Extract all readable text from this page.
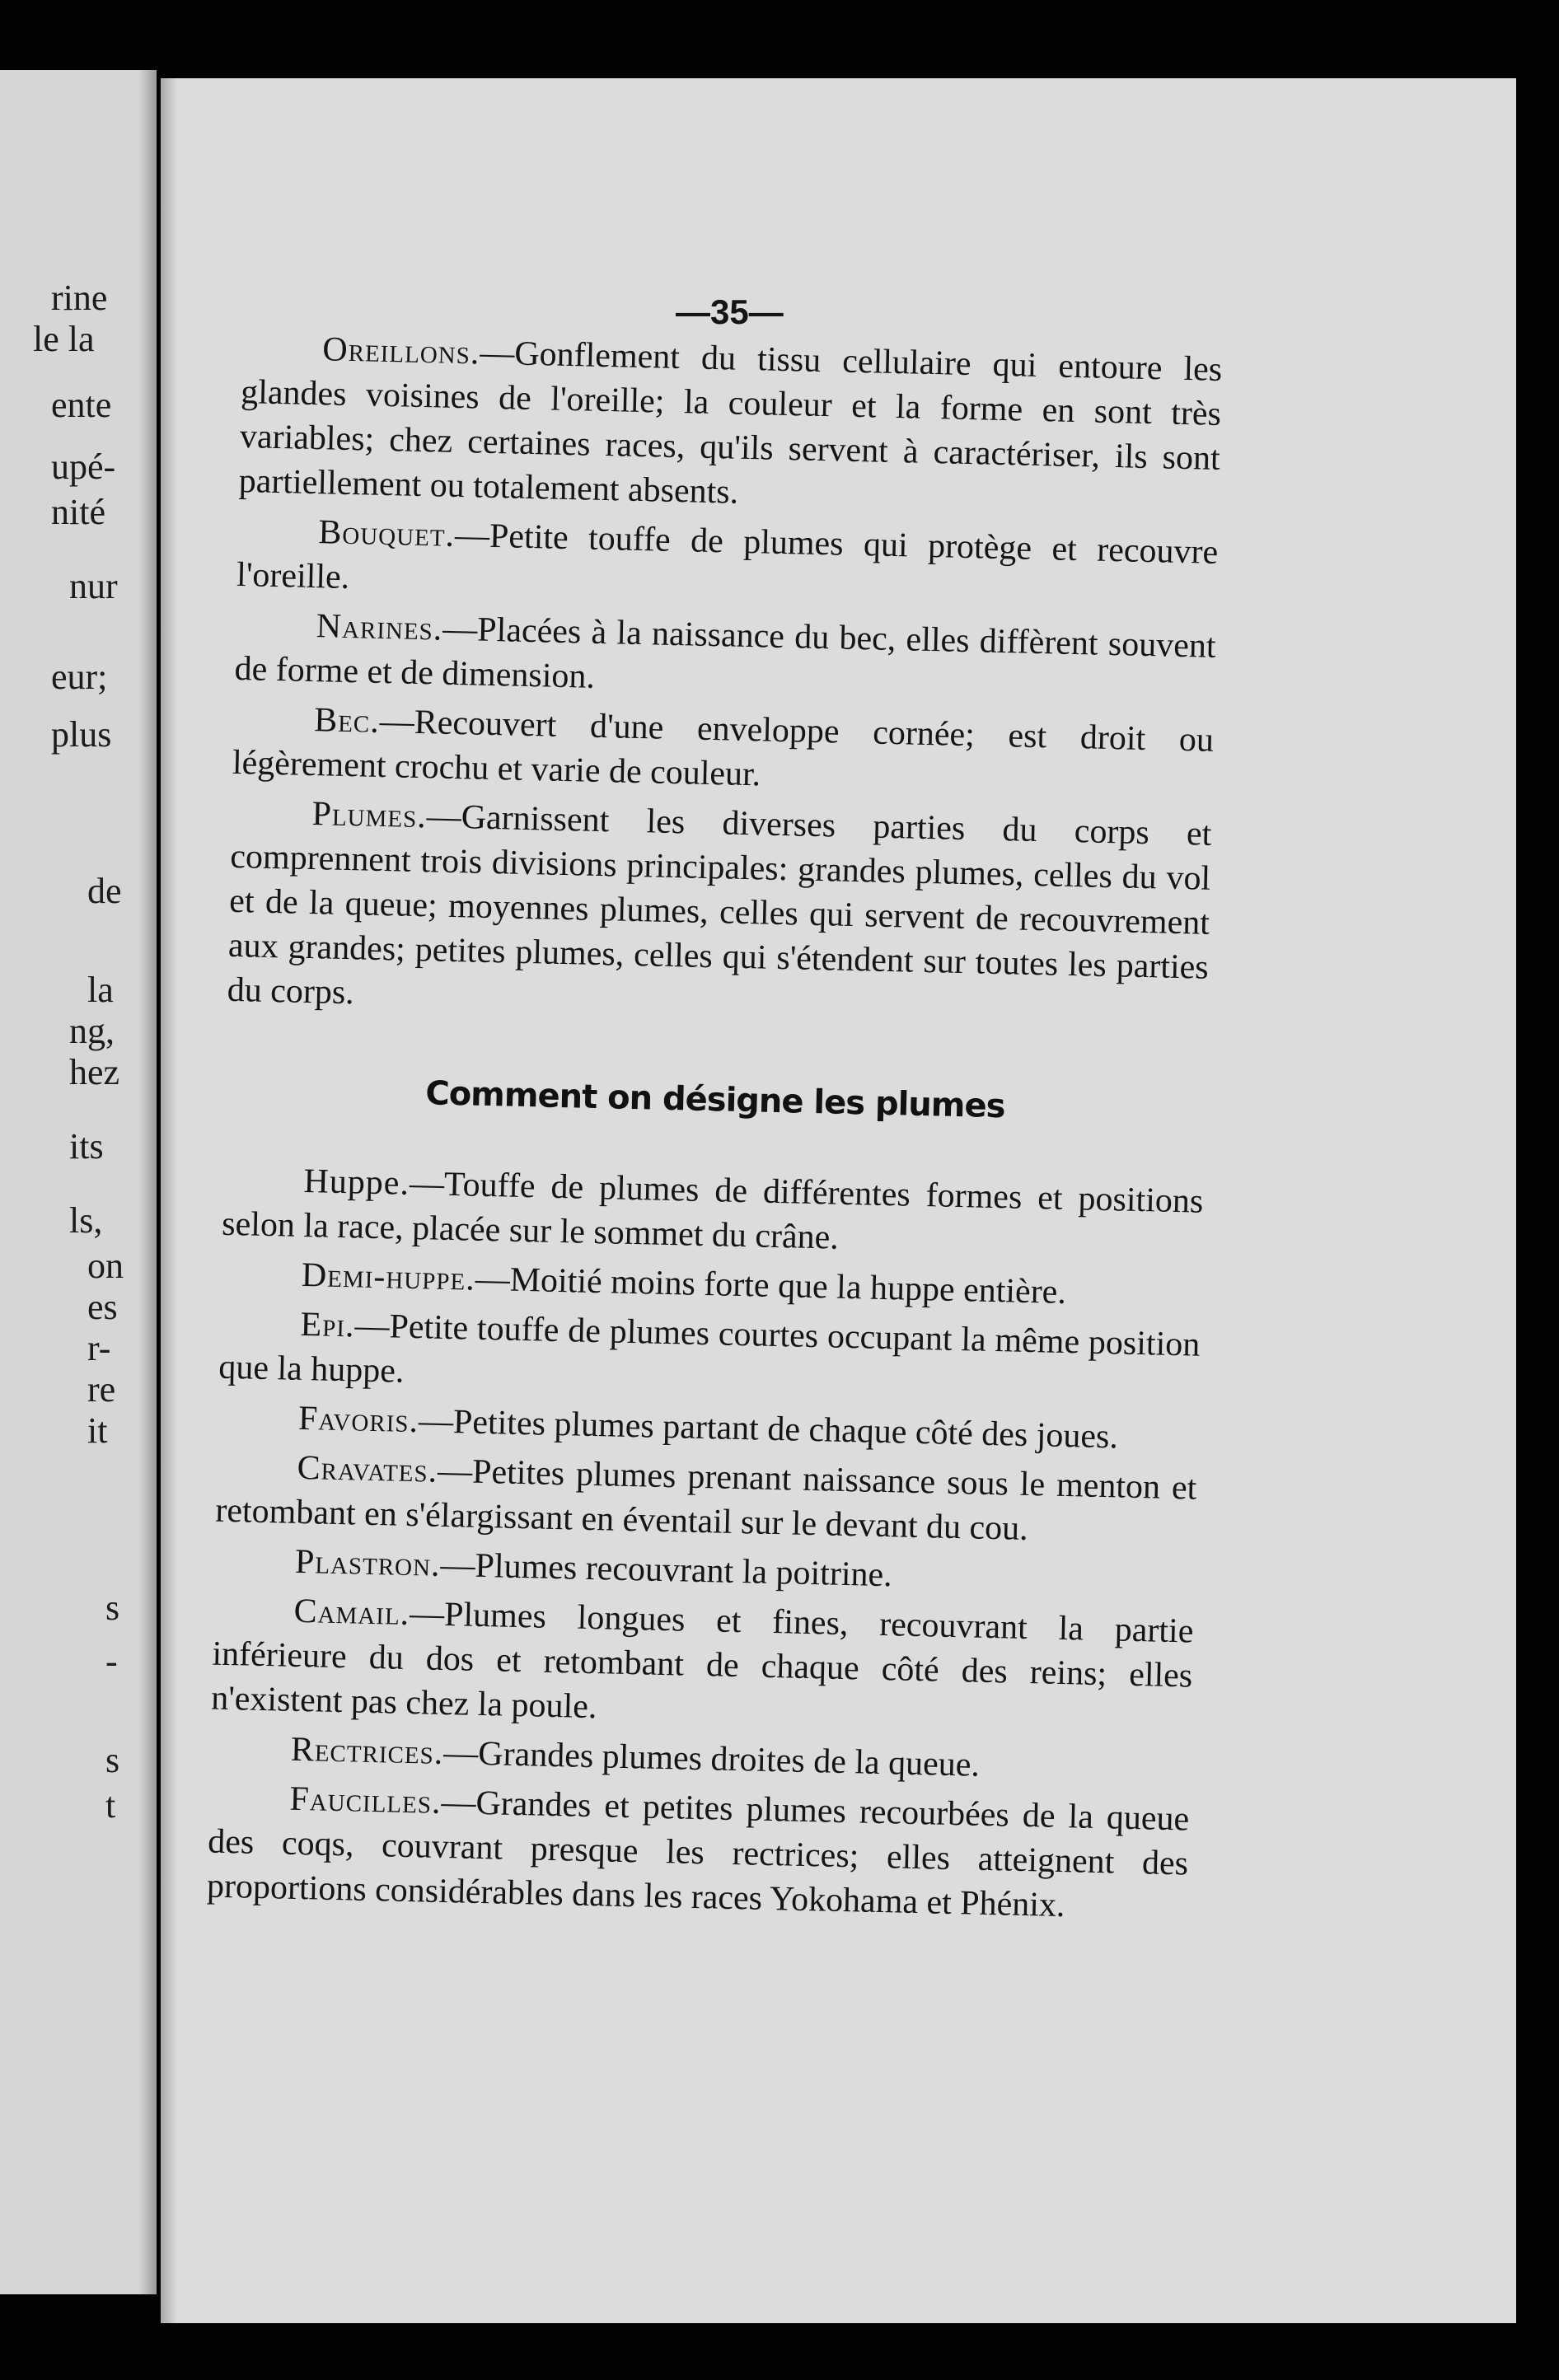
rine
le la
ente
upé-
nité
nur
eur;
plus
de
la
ng,
hez
its
ls,
on
es
r-
re
it
s
-
s
t
—35—

Oreillons.—Gonflement du tissu cellulaire qui entoure les glandes voisines de l'oreille; la couleur et la forme en sont très variables; chez certaines races, qu'ils servent à caractériser, ils sont partiellement ou totalement absents.

Bouquet.—Petite touffe de plumes qui protège et recouvre l'oreille.

Narines.—Placées à la naissance du bec, elles diffèrent souvent de forme et de dimension.

Bec.—Recouvert d'une enveloppe cornée; est droit ou légèrement crochu et varie de couleur.

Plumes.—Garnissent les diverses parties du corps et comprennent trois divisions principales: grandes plumes, celles du vol et de la queue; moyennes plumes, celles qui servent de recouvrement aux grandes; petites plumes, celles qui s'étendent sur toutes les parties du corps.

Comment on désigne les plumes

Huppe.—Touffe de plumes de différentes formes et positions selon la race, placée sur le sommet du crâne.

Demi-huppe.—Moitié moins forte que la huppe entière.

Epi.—Petite touffe de plumes courtes occupant la même position que la huppe.

Favoris.—Petites plumes partant de chaque côté des joues.

Cravates.—Petites plumes prenant naissance sous le menton et retombant en s'élargissant en éventail sur le devant du cou.

Plastron.—Plumes recouvrant la poitrine.

Camail.—Plumes longues et fines, recouvrant la partie inférieure du dos et retombant de chaque côté des reins; elles n'existent pas chez la poule.

Rectrices.—Grandes plumes droites de la queue.

Faucilles.—Grandes et petites plumes recourbées de la queue des coqs, couvrant presque les rectrices; elles atteignent des proportions considérables dans les races Yokohama et Phénix.
